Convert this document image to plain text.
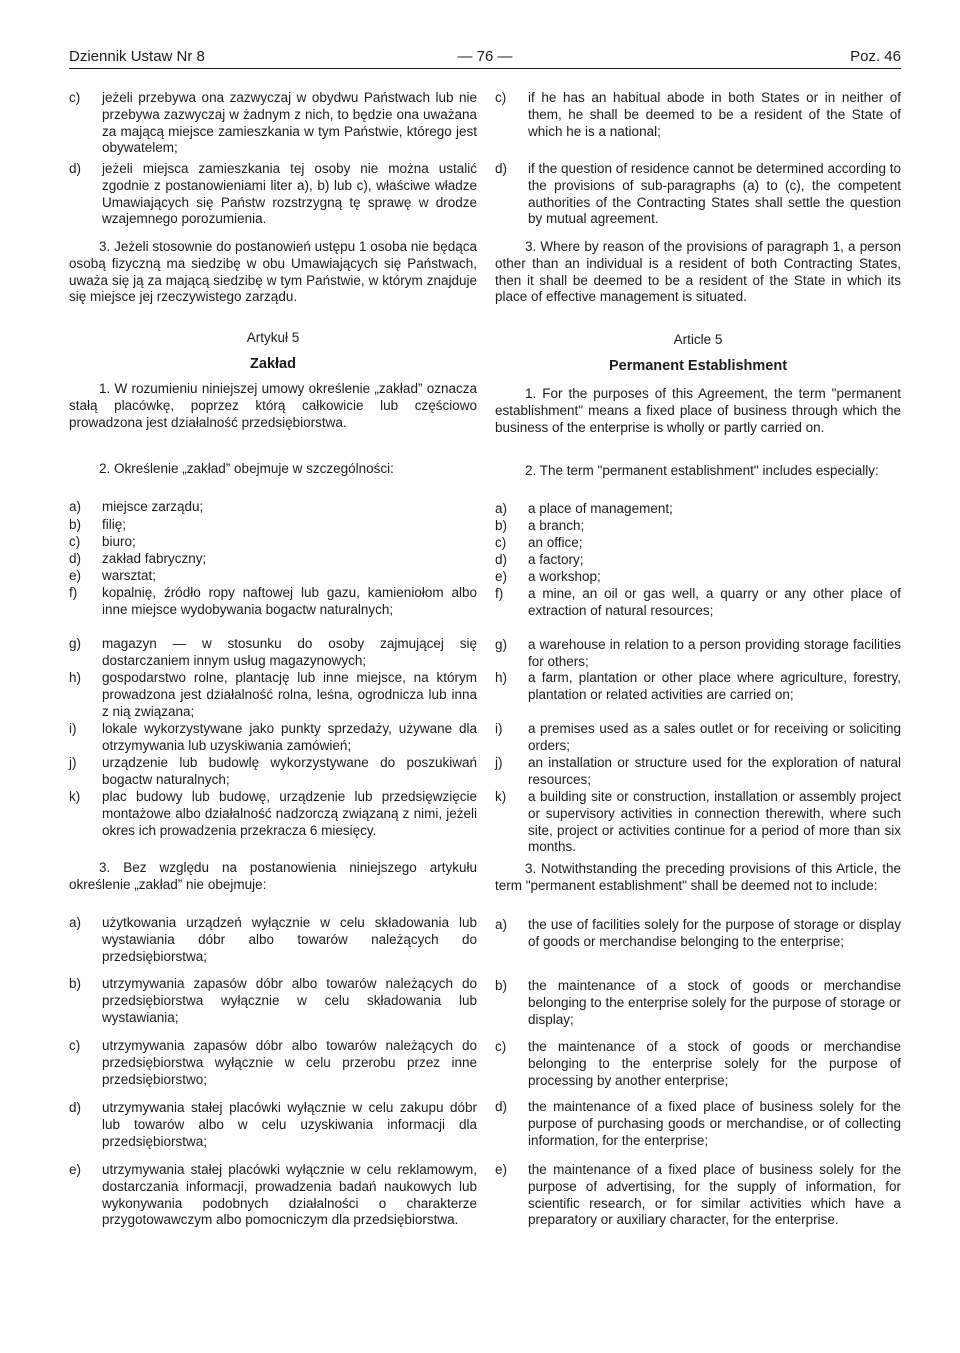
Dziennik Ustaw Nr 8	— 76 —	Poz. 46
c) jeżeli przebywa ona zazwyczaj w obydwu Państwach lub nie przebywa zazwyczaj w żadnym z nich, to będzie ona uważana za mającą miejsce zamieszkania w tym Państwie, którego jest obywatelem;
d) jeżeli miejsca zamieszkania tej osoby nie można ustalić zgodnie z postanowieniami liter a), b) lub c), właściwe władze Umawiających się Państw rozstrzygną tę sprawę w drodze wzajemnego porozumienia.
3. Jeżeli stosownie do postanowień ustępu 1 osoba nie będąca osobą fizyczną ma siedzibę w obu Umawiających się Państwach, uważa się ją za mającą siedzibę w tym Państwie, w którym znajduje się miejsce jej rzeczywistego zarządu.
Artykuł 5
Zakład
1. W rozumieniu niniejszej umowy określenie „zakład” oznacza stałą placówkę, poprzez którą całkowicie lub częściowo prowadzona jest działalność przedsiębiorstwa.
2. Określenie „zakład” obejmuje w szczególności:
a) miejsce zarządu;
b) filię;
c) biuro;
d) zakład fabryczny;
e) warsztat;
f) kopalnię, źródło ropy naftowej lub gazu, kamieniołom albo inne miejsce wydobywania bogactw naturalnych;
g) magazyn — w stosunku do osoby zajmującej się dostarczaniem innym usług magazynowych;
h) gospodarstwo rolne, plantację lub inne miejsce, na którym prowadzona jest działalność rolna, leśna, ogrodnicza lub inna z nią związana;
i) lokale wykorzystywane jako punkty sprzedaży, używane dla otrzymywania lub uzyskiwania zamówień;
j) urządzenie lub budowlę wykorzystywane do poszukiwań bogactw naturalnych;
k) plac budowy lub budowę, urządzenie lub przedsięwzięcie montażowe albo działalność nadzorczą związaną z nimi, jeżeli okres ich prowadzenia przekracza 6 miesięcy.
3. Bez względu na postanowienia niniejszego artykułu określenie „zakład” nie obejmuje:
a) użytkowania urządzeń wyłącznie w celu składowania lub wystawiania dóbr albo towarów należących do przedsiębiorstwa;
b) utrzymywania zapasów dóbr albo towarów należących do przedsiębiorstwa wyłącznie w celu składowania lub wystawiania;
c) utrzymywania zapasów dóbr albo towarów należących do przedsiębiorstwa wyłącznie w celu przerobu przez inne przedsiębiorstwo;
d) utrzymywania stałej placówki wyłącznie w celu zakupu dóbr lub towarów albo w celu uzyskiwania informacji dla przedsiębiorstwa;
e) utrzymywania stałej placówki wyłącznie w celu reklamowym, dostarczania informacji, prowadzenia badań naukowych lub wykonywania podobnych działalności o charakterze przygotowawczym albo pomocniczym dla przedsiębiorstwa.
c) if he has an habitual abode in both States or in neither of them, he shall be deemed to be a resident of the State of which he is a national;
d) if the question of residence cannot be determined according to the provisions of sub-paragraphs (a) to (c), the competent authorities of the Contracting States shall settle the question by mutual agreement.
3. Where by reason of the provisions of paragraph 1, a person other than an individual is a resident of both Contracting States, then it shall be deemed to be a resident of the State in which its place of effective management is situated.
Article 5
Permanent Establishment
1. For the purposes of this Agreement, the term "permanent establishment" means a fixed place of business through which the business of the enterprise is wholly or partly carried on.
2. The term "permanent establishment" includes especially:
a) a place of management;
b) a branch;
c) an office;
d) a factory;
e) a workshop;
f) a mine, an oil or gas well, a quarry or any other place of extraction of natural resources;
g) a warehouse in relation to a person providing storage facilities for others;
h) a farm, plantation or other place where agriculture, forestry, plantation or related activities are carried on;
i) a premises used as a sales outlet or for receiving or soliciting orders;
j) an installation or structure used for the exploration of natural resources;
k) a building site or construction, installation or assembly project or supervisory activities in connection therewith, where such site, project or activities continue for a period of more than six months.
3. Notwithstanding the preceding provisions of this Article, the term "permanent establishment" shall be deemed not to include:
a) the use of facilities solely for the purpose of storage or display of goods or merchandise belonging to the enterprise;
b) the maintenance of a stock of goods or merchandise belonging to the enterprise solely for the purpose of storage or display;
c) the maintenance of a stock of goods or merchandise belonging to the enterprise solely for the purpose of processing by another enterprise;
d) the maintenance of a fixed place of business solely for the purpose of purchasing goods or merchandise, or of collecting information, for the enterprise;
e) the maintenance of a fixed place of business solely for the purpose of advertising, for the supply of information, for scientific research, or for similar activities which have a preparatory or auxiliary character, for the enterprise.
